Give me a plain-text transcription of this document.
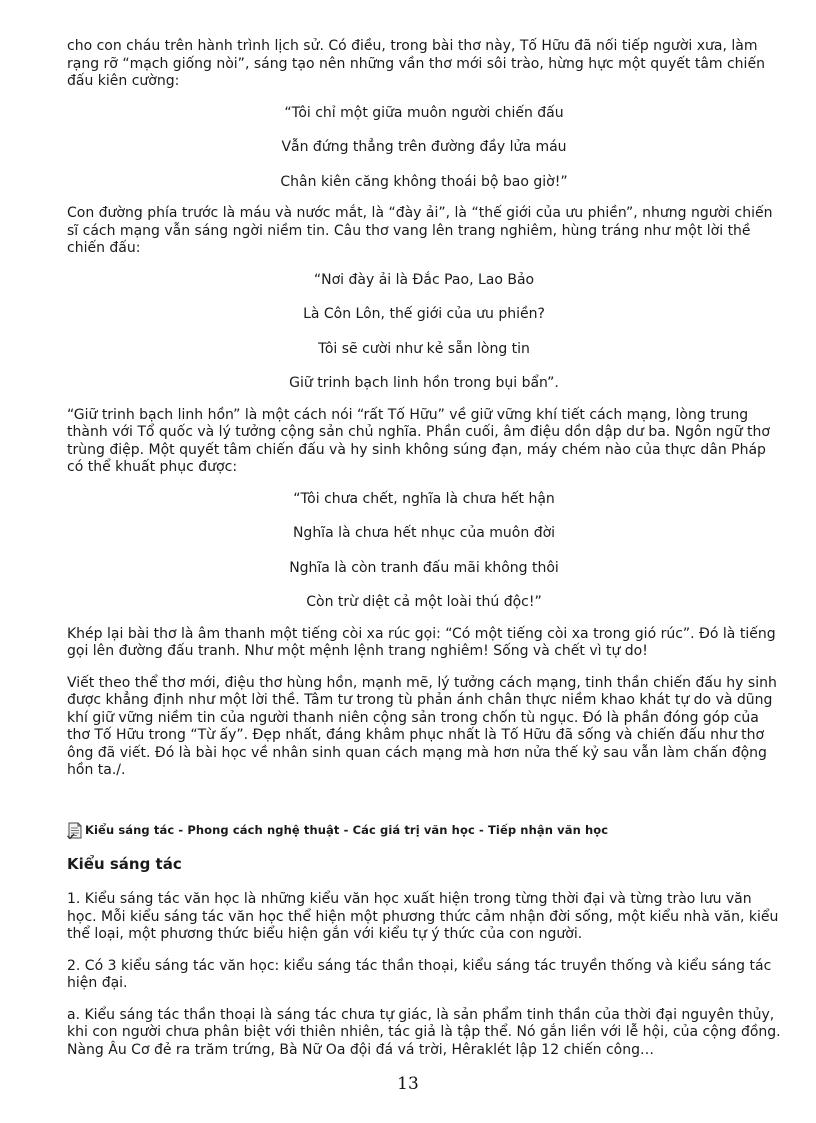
cho con cháu trên hành trình lịch sử. Có điều, trong bài thơ này, Tố Hữu đã nối tiếp người xưa, làm rạng rỡ “mạch giống nòi”, sáng tạo nên những vần thơ mới sôi trào, hừng hực một quyết tâm chiến đấu kiên cường:

“Tôi chỉ một giữa muôn người chiến đấu
Vẫn đứng thẳng trên đường đầy lửa máu
Chân kiên căng không thoái bộ bao giờ!”

Con đường phía trước là máu và nước mắt, là “đày ải”, là “thế giới của ưu phiền”, nhưng người chiến sĩ cách mạng vẫn sáng ngời niềm tin. Câu thơ vang lên trang nghiêm, hùng tráng như một lời thề chiến đấu:

“Nơi đày ải là Đắc Pao, Lao Bảo
Là Côn Lôn, thế giới của ưu phiền?
Tôi sẽ cười như kẻ sẵn lòng tin
Giữ trinh bạch linh hồn trong bụi bẩn”.

“Giữ trinh bạch linh hồn” là một cách nói “rất Tố Hữu” về giữ vững khí tiết cách mạng, lòng trung thành với Tổ quốc và lý tưởng cộng sản chủ nghĩa. Phần cuối, âm điệu dồn dập dư ba. Ngôn ngữ thơ trùng điệp. Một quyết tâm chiến đấu và hy sinh không súng đạn, máy chém nào của thực dân Pháp có thể khuất phục được:

“Tôi chưa chết, nghĩa là chưa hết hận
Nghĩa là chưa hết nhục của muôn đời
Nghĩa là còn tranh đấu mãi không thôi
Còn trừ diệt cả một loài thú độc!”

Khép lại bài thơ là âm thanh một tiếng còi xa rúc gọi: “Có một tiếng còi xa trong gió rúc”. Đó là tiếng gọi lên đường đấu tranh. Như một mệnh lệnh trang nghiêm! Sống và chết vì tự do!

Viết theo thể thơ mới, điệu thơ hùng hồn, mạnh mẽ, lý tưởng cách mạng, tinh thần chiến đấu hy sinh được khẳng định như một lời thề. Tâm tư trong tù phản ánh chân thực niềm khao khát tự do và dũng khí giữ vững niềm tin của người thanh niên cộng sản trong chốn tù ngục. Đó là phần đóng góp của thơ Tố Hữu trong “Từ ấy”. Đẹp nhất, đáng khâm phục nhất là Tố Hữu đã sống và chiến đấu như thơ ông đã viết. Đó là bài học về nhân sinh quan cách mạng mà hơn nửa thế kỷ sau vẫn làm chấn động hồn ta./.

Kiểu sáng tác - Phong cách nghệ thuật - Các giá trị văn học - Tiếp nhận văn học
Kiểu sáng tác

1. Kiểu sáng tác văn học là những kiểu văn học xuất hiện trong từng thời đại và từng trào lưu văn học. Mỗi kiểu sáng tác văn học thể hiện một phương thức cảm nhận đời sống, một kiểu nhà văn, kiểu thể loại, một phương thức biểu hiện gắn với kiểu tự ý thức của con người.

2. Có 3 kiểu sáng tác văn học: kiểu sáng tác thần thoại, kiểu sáng tác truyền thống và kiểu sáng tác hiện đại.

a. Kiểu sáng tác thần thoại là sáng tác chưa tự giác, là sản phẩm tinh thần của thời đại nguyên thủy, khi con người chưa phân biệt với thiên nhiên, tác giả là tập thể. Nó gắn liền với lễ hội, của cộng đồng. Nàng Âu Cơ đẻ ra trăm trứng, Bà Nữ Oa đội đá vá trời, Hêraklét lập 12 chiến công…

13
